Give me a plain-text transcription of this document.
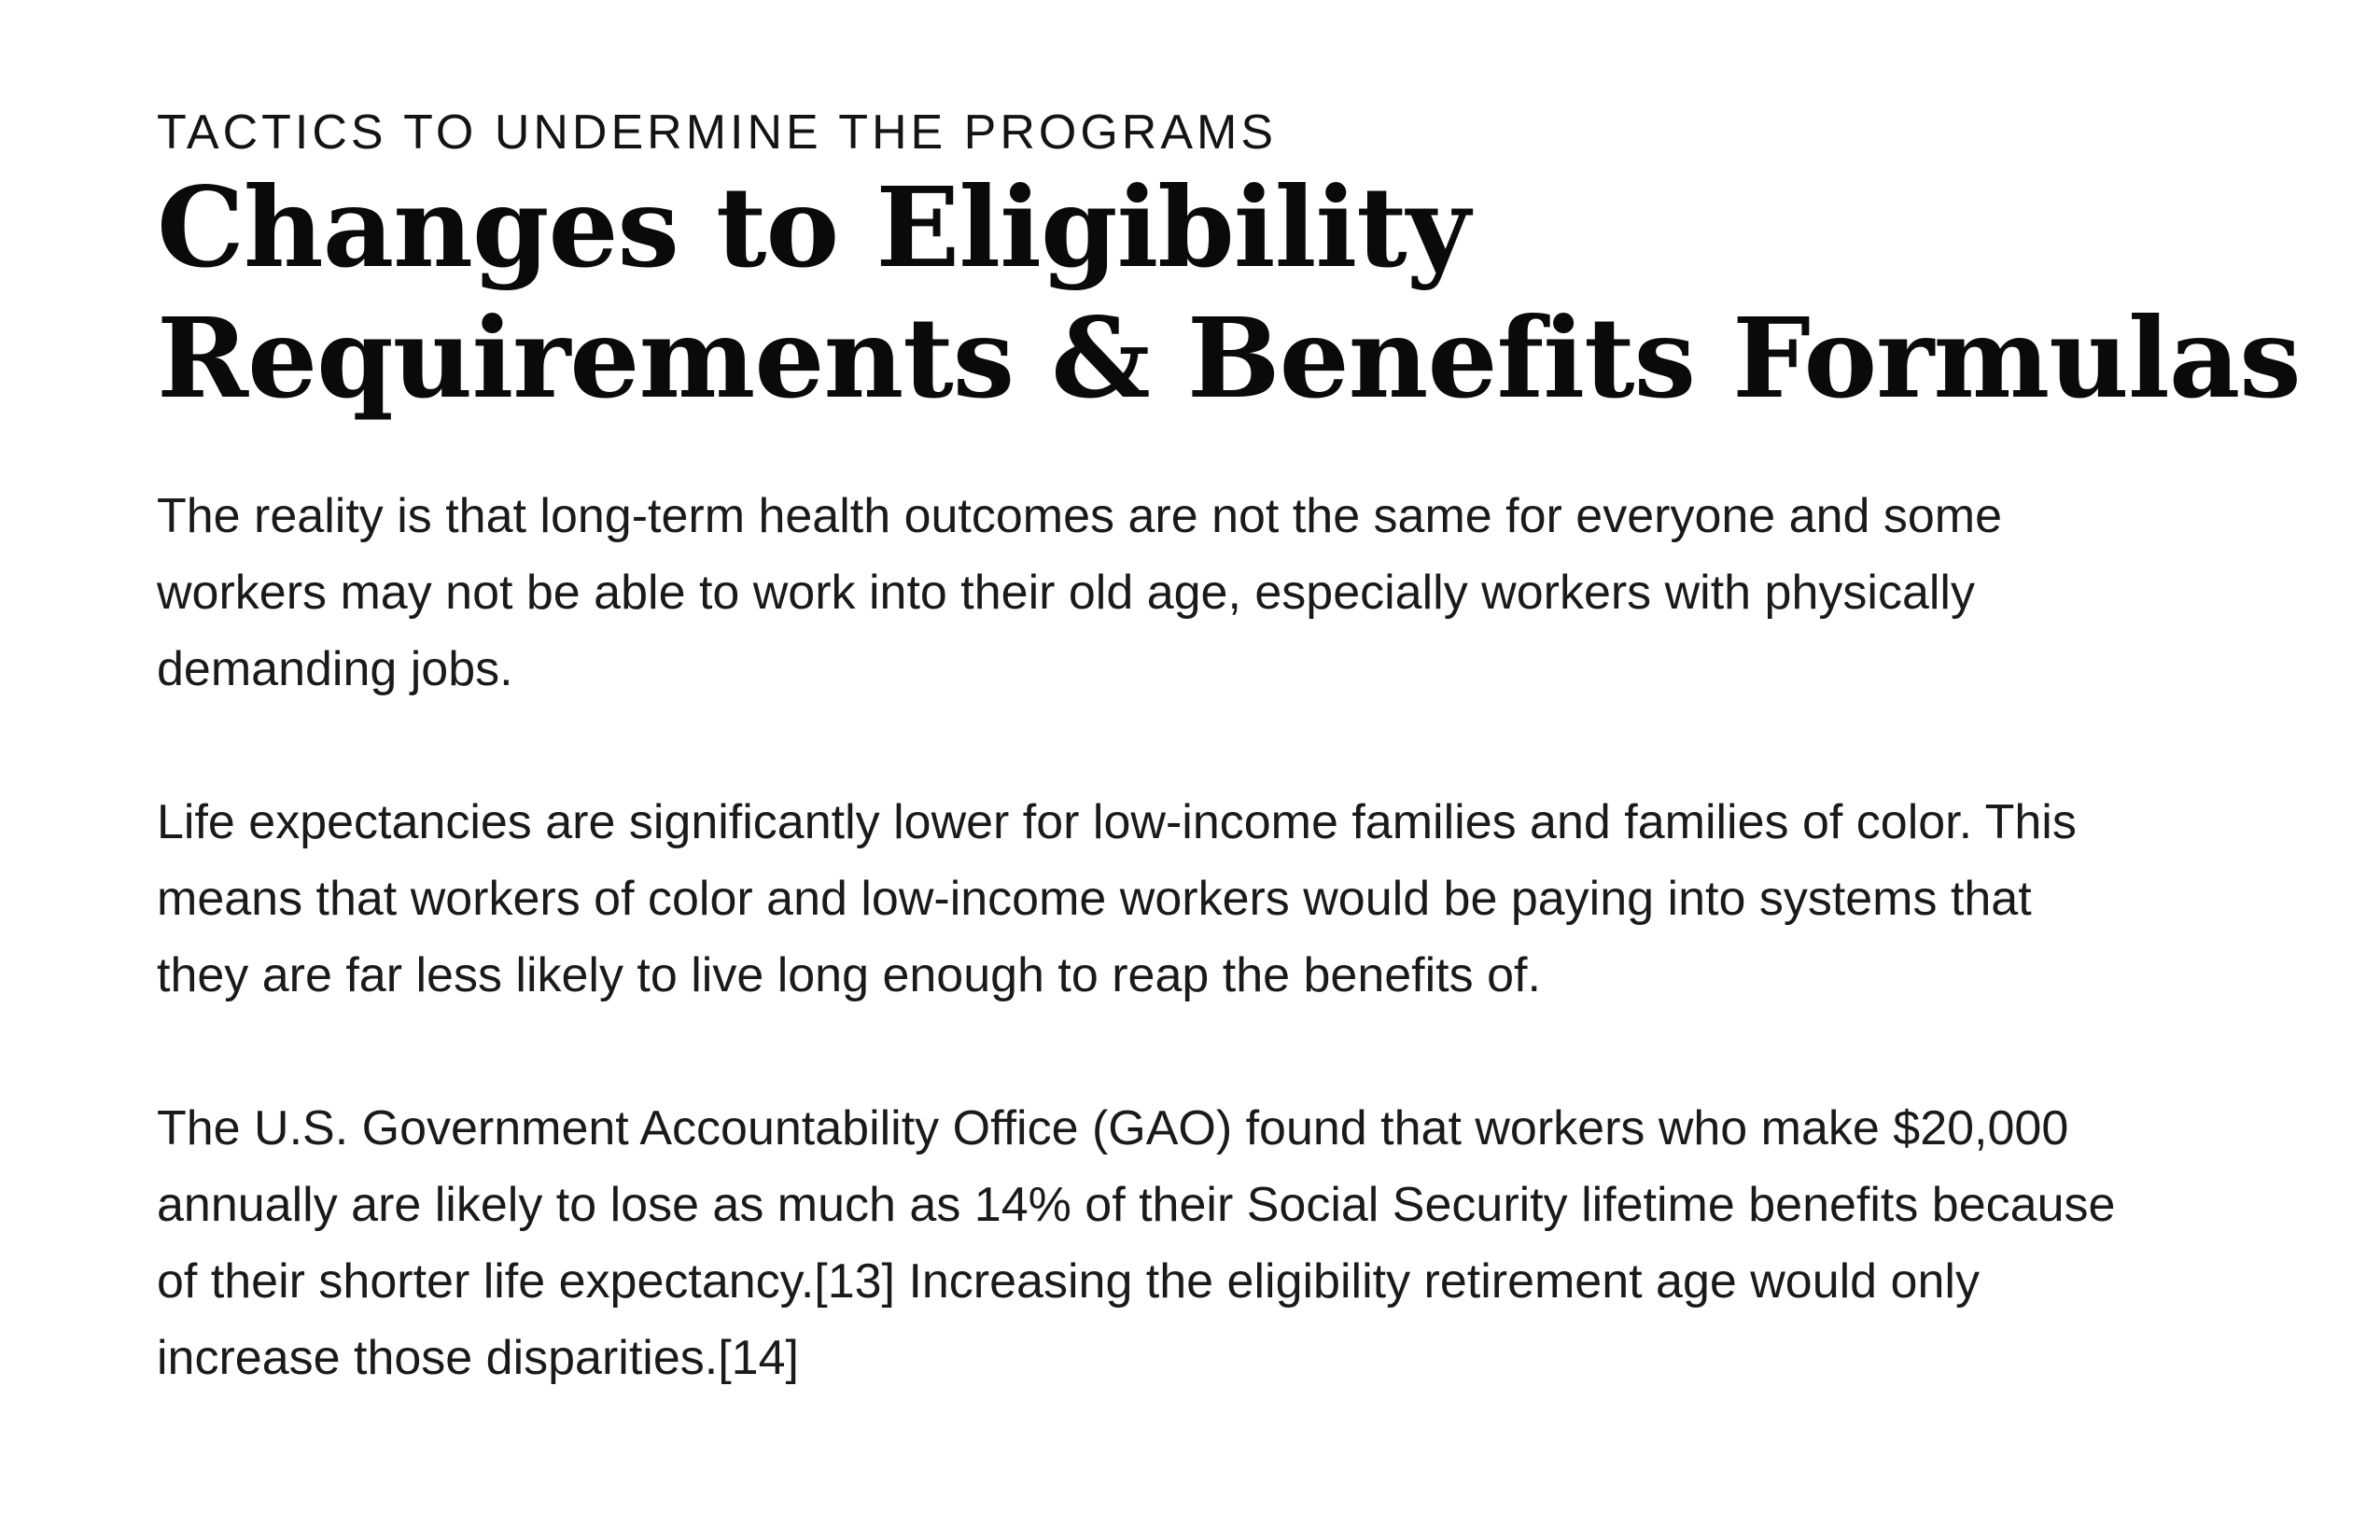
TACTICS TO UNDERMINE THE PROGRAMS

Changes to Eligibility
Requirements & Benefits Formulas

The reality is that long-term health outcomes are not the same for everyone and some
workers may not be able to work into their old age, especially workers with physically
demanding jobs.

Life expectancies are significantly lower for low-income families and families of color. This
means that workers of color and low-income workers would be paying into systems that
they are far less likely to live long enough to reap the benefits of.

The U.S. Government Accountability Office (GAO) found that workers who make $20,000
annually are likely to lose as much as 14% of their Social Security lifetime benefits because
of their shorter life expectancy.[13] Increasing the eligibility retirement age would only
increase those disparities.[14]
